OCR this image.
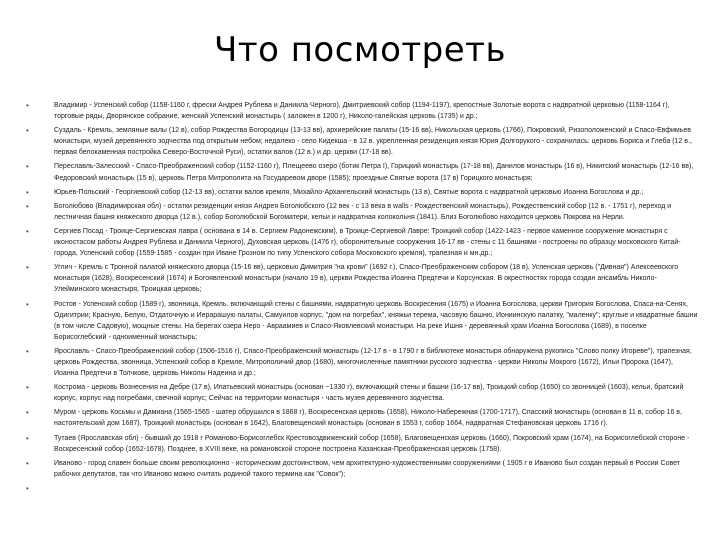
Что посмотреть
•	Владимир - Успенский собор (1158-1160 г, фрески Андрея Рублева и Даниила Черного), Дмитриевский собор (1194-1197), крепостные Золотые ворота с надвратной церковью (1158-1164 г), торговые ряды, Дворянское собрание, женский Успенский монастырь ( заложен в 1200 г), Николо-галейская церковь (1735) и др.;
•	Суздаль - Кремль, земляные валы (12 в), собор Рождества Богородицы (13-13 вв), архиерейские палаты (15-16 вв), Никольская церковь (1766), Покровский, Ризоположенский и Спасо-Евфимьев монастыри, музей деревянного зодчества под открытым небом; недалеко - село Кидекша - в 12 в. укрепленная резиденция князя Юрия Долгорукого - сохранилась: церковь Бориса и Глеба (12 в., первая белокаменная постройка Северо-Восточной Руси), остатки валов (12 в.) и др. церкви (17-18 вв).
•	Переславль-Залесский - Спасо-Преображенский собор (1152-1160 г), Плещеево озеро (ботик Петра I), Горицкий монастырь (17-18 вв), Данилов монастырь (16 в), Никитский монастырь (12-16 вв), Федоровский монастырь (15 в), церковь Петра Митрополита на Государевом дворе (1585); проездные Святые ворота (17 в) Горицкого монастыря;
•	Юрьев-Польский - Георгиевский собор (12-13 вв), остатки валов кремля, Михайло-Архангельский монастырь (13 в), Святые ворота с надвратной церковью Иоанна Богослова и др.;
•	Боголюбово (Владимирская обл) - остатки резиденции князя Андрея Боголюбского (12 век - с 13 века в walls - Рождественский монастырь), Рождественский собор (12 в. - 1751 г), переход и лестничная башня княжеского дворца (12 в.), собор Боголюбской Богоматери, кельи и надвратная колокольня (1841). Близ Боголюбово находится церковь Покрова на Нерли.
•	Сергиев Посад - Троице-Сергиевская лавра ( основана в 14 в. Сергием Радонежским), в Троице-Сергиевой Лавре: Троицкий собор (1422-1423 - первое каменное сооружение монастыря с иконостасом работы Андрея Рублева и Даниила Черного), Духовская церковь (1476 г), оборонительные сооружения 16-17 вв - стены с 11 башнями - построены по образцу московского Китай-города, Успенский собор (1559-1585 - создан при Иване Грозном по типу Успенского собора Московского кремля), трапезная и мн.др.;
•	Углич - Кремль с Тронной палатой княжеского дворца (15-16 вв), церковью Димитрия "на крови" (1692 г.), Спасо-Преображенским собором (18 в), Успенская церковь ("Дивная") Алексеевского монастыря (1628), Воскресенский (1674) и Богоявленский монастыри (начало 19 в), церкви Рождества Иоанна Предтечи и Корсунская. В окрестностях города создан ансамбль Николо-Улейминского монастыря, Троицкая церковь;
•	Ростов - Успенский собор (1589 г), звонница, Кремль. включающий стены с башнями, надвратную церковь Воскресения (1675) и Иоанна Богослова, церкви Григория Богослова, Спаса-на-Сенях, Одигитрии; Красную, Белую, Отдаточную и Иерарашую палаты, Самуилов корпус, "дом на погребах", княжьи терема, часовую башню, Иониинскую палатку, "маленку"; круглые и квадратные башни (в том числе Садовую), мощные стены. На берегах озера Неро - Авраамиев и Спасо-Яковлевский монастыри. На реке Ишня - деревянный храм Иоанна Богослова (1689), в поселке Борисоглебский - одноименный монастырь;
•	Ярославль - Спасо-Преображенский собор (1506-1516 г), Спасо-Преображенский монастырь (12-17 в - в 1790 г в библиотеке монастыря обнаружена рукопись "Слово полку Игореве"), трапезная, церковь Рождества, звонница, Успенский собор в Кремле, Митрополичий двор (1680), многочисленные памятники русского зодчества - церкви Николы Мокрого (1672), Ильи Пророка (1647), Иоанна Предтечи в Толчкове, церковь Николы Надеина и др.;
•	Кострома - церковь Вознесения на Дебре (17 в), Ипатьевский монастырь (основан ~1330 г), включающий стены и башни (16-17 вв), Троицкий собор (1650) со звонницей (1603), кельи, братский корпус, корпус над погребами, свечной корпус; Сейчас на территории монастыря - часть музея деревянного зодчества.
•	Муром - церковь Косьмы и Дамиана (1565-1565 - шатер обрушился в 1868 г), Воскресенская церковь (1658), Николо-Набережная (1700-1717), Спасский монастырь (основан в 11 в, собор 16 в, настоятельский дом 1687), Троицкий монастырь (основан в 1642), Благовещенский монастырь (основан в 1553 г, собор 1664, надвратная Стефановская церковь 1716 г).
•	Тутаев (Ярославская обл) - бывший до 1918 г Романово-Борисоглебск Крестовоздвиженский собор (1658), Благовещенская церковь (1660), Покровский храм (1674), на Борисоглебской стороне - Воскресенский собор (1652-1678). Позднее, в XVIII веке, на романовской стороне построена Казанская-Преображенская церковь (1758).
•	Иваново - город славен больше своим революционно - историческим достоинством, чем архитектурно-художественными сооружениями ( 1905 г в Иваново был создан первый в России Совет рабочих депутатов, так что Иваново можно считать родиной такого термина как "Совок");
•
